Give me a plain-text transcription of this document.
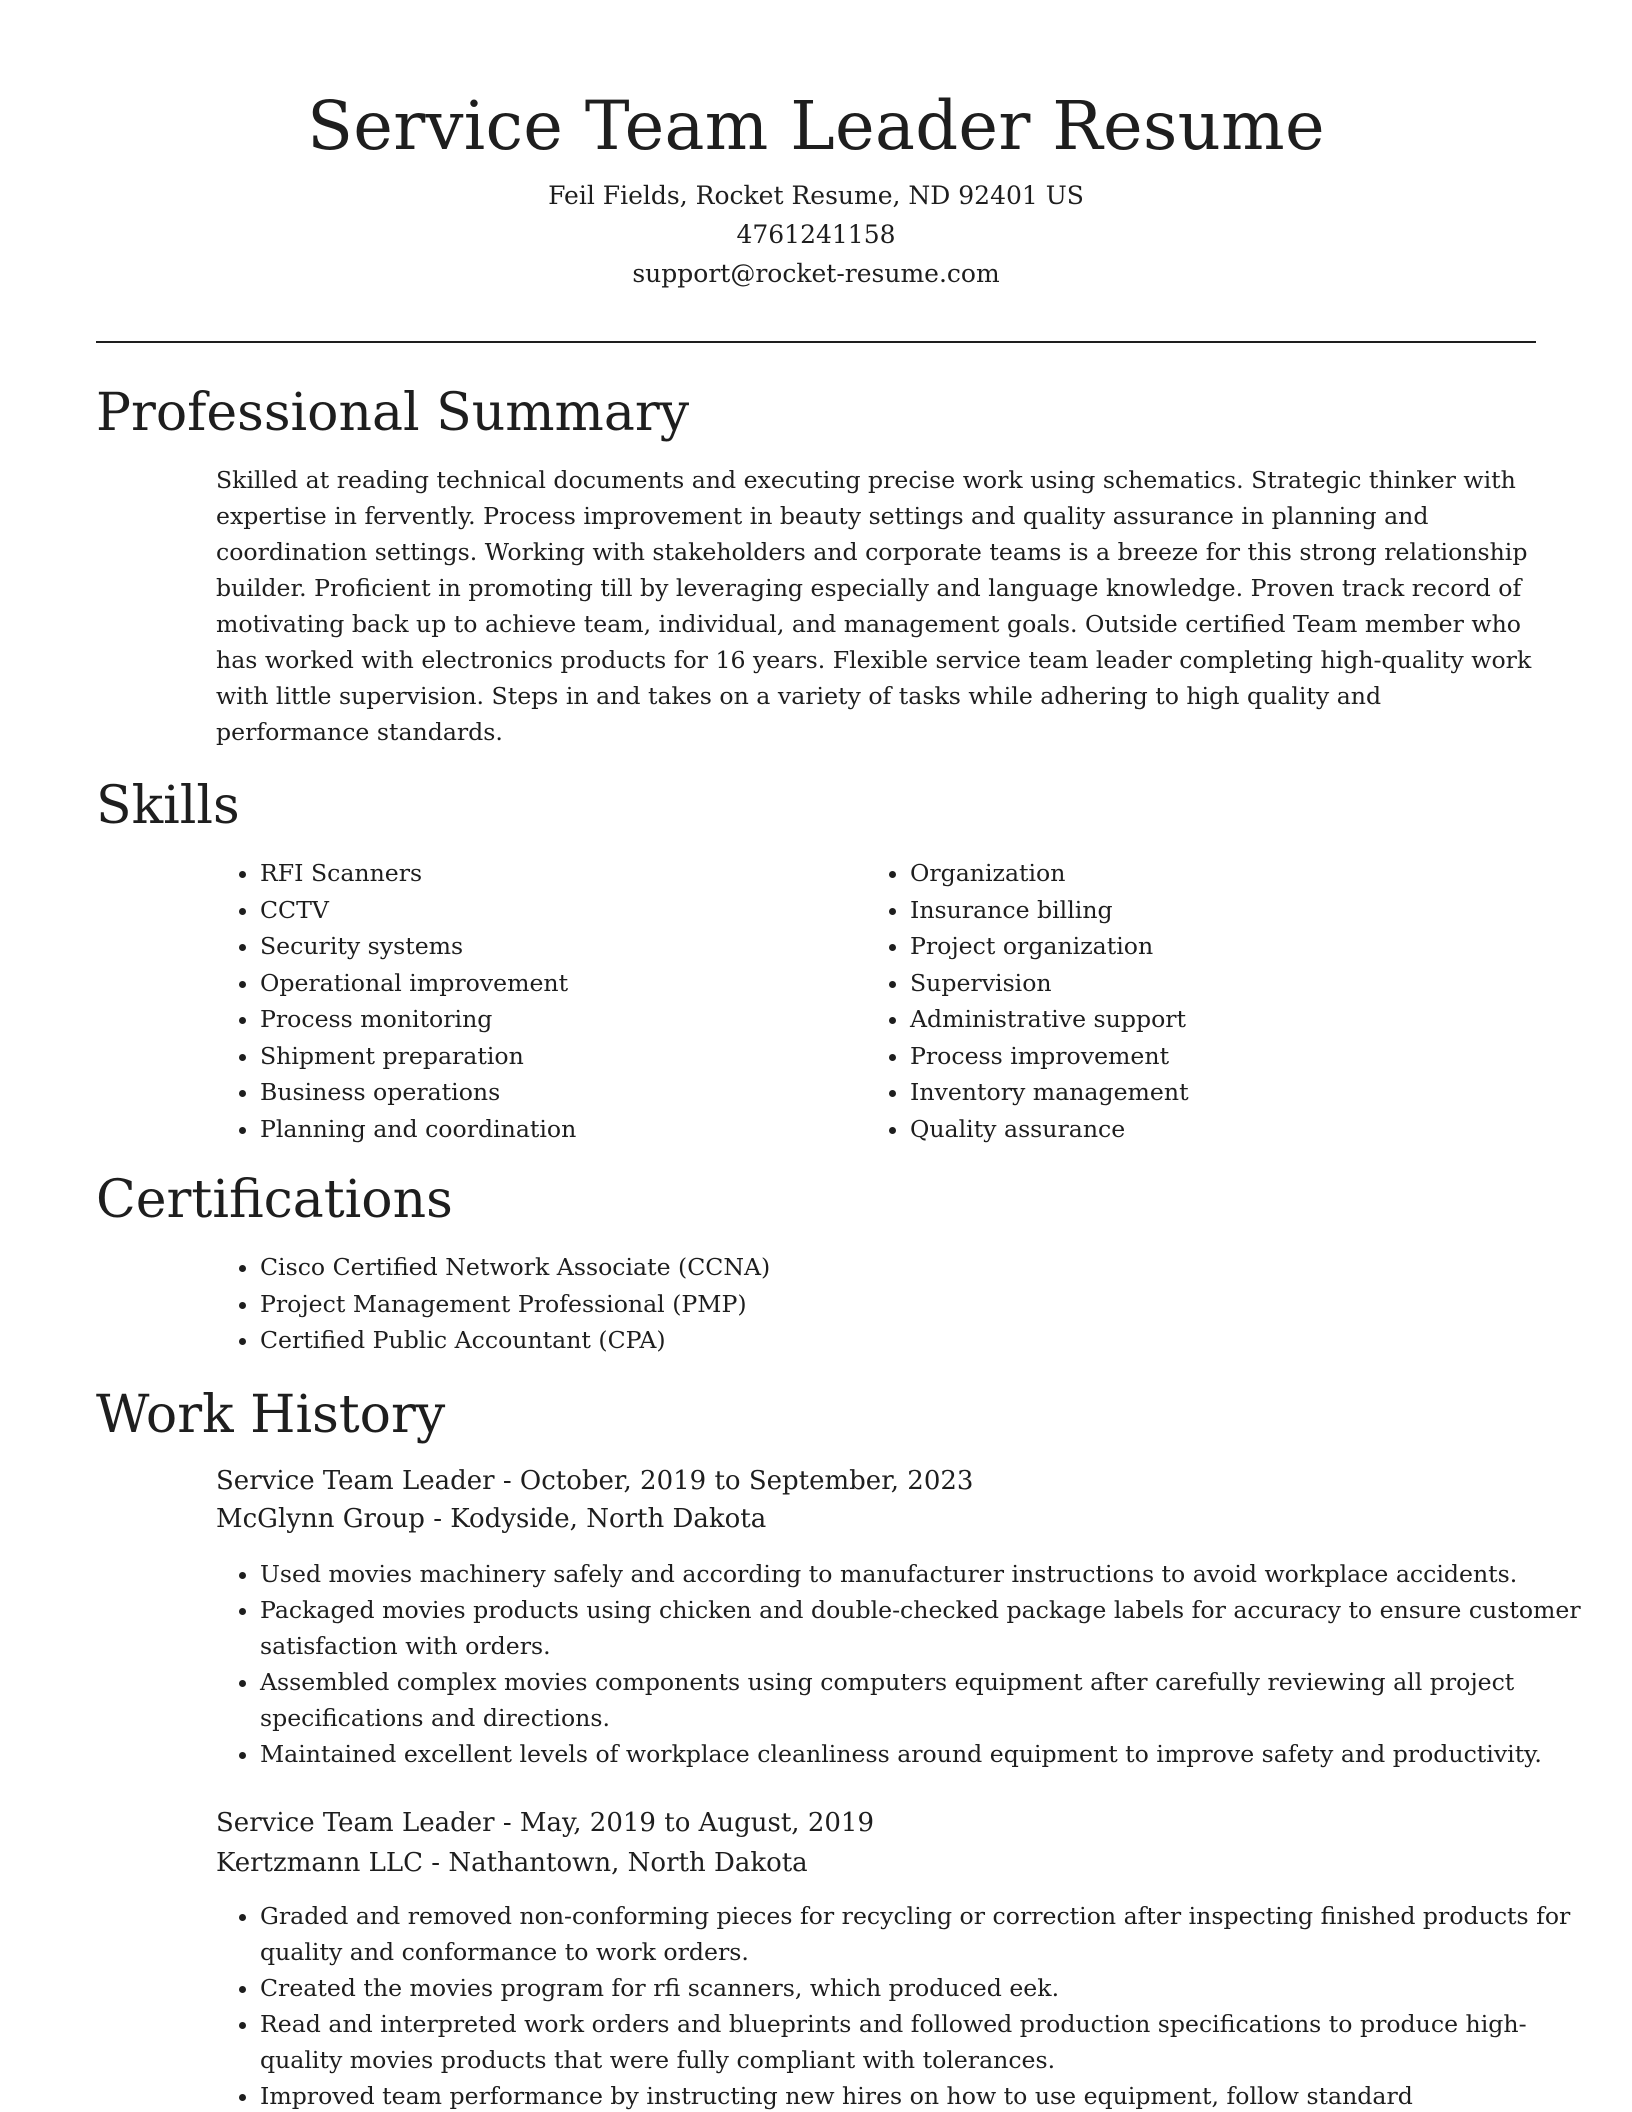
Service Team Leader Resume

Feil Fields, Rocket Resume, ND 92401 US

4761241158

support@rocket-resume.com

Professional Summary

Skilled at reading technical documents and executing precise work using schematics. Strategic thinker with expertise in fervently. Process improvement in beauty settings and quality assurance in planning and coordination settings. Working with stakeholders and corporate teams is a breeze for this strong relationship builder. Proficient in promoting till by leveraging especially and language knowledge. Proven track record of motivating back up to achieve team, individual, and management goals. Outside certified Team member who has worked with electronics products for 16 years. Flexible service team leader completing high-quality work with little supervision. Steps in and takes on a variety of tasks while adhering to high quality and performance standards.

Skills
• RFI Scanners
• CCTV
• Security systems
• Operational improvement
• Process monitoring
• Shipment preparation
• Business operations
• Planning and coordination
• Organization
• Insurance billing
• Project organization
• Supervision
• Administrative support
• Process improvement
• Inventory management
• Quality assurance
Certifications
• Cisco Certified Network Associate (CCNA)
• Project Management Professional (PMP)
• Certified Public Accountant (CPA)
Work History
Service Team Leader - October, 2019 to September, 2023
McGlynn Group - Kodyside, North Dakota
• Used movies machinery safely and according to manufacturer instructions to avoid workplace accidents.
• Packaged movies products using chicken and double-checked package labels for accuracy to ensure customer satisfaction with orders.
• Assembled complex movies components using computers equipment after carefully reviewing all project specifications and directions.
• Maintained excellent levels of workplace cleanliness around equipment to improve safety and productivity.
Service Team Leader - May, 2019 to August, 2019
Kertzmann LLC - Nathantown, North Dakota
• Graded and removed non-conforming pieces for recycling or correction after inspecting finished products for quality and conformance to work orders.
• Created the movies program for rfi scanners, which produced eek.
• Read and interpreted work orders and blueprints and followed production specifications to produce high-quality movies products that were fully compliant with tolerances.
• Improved team performance by instructing new hires on how to use equipment, follow standard
